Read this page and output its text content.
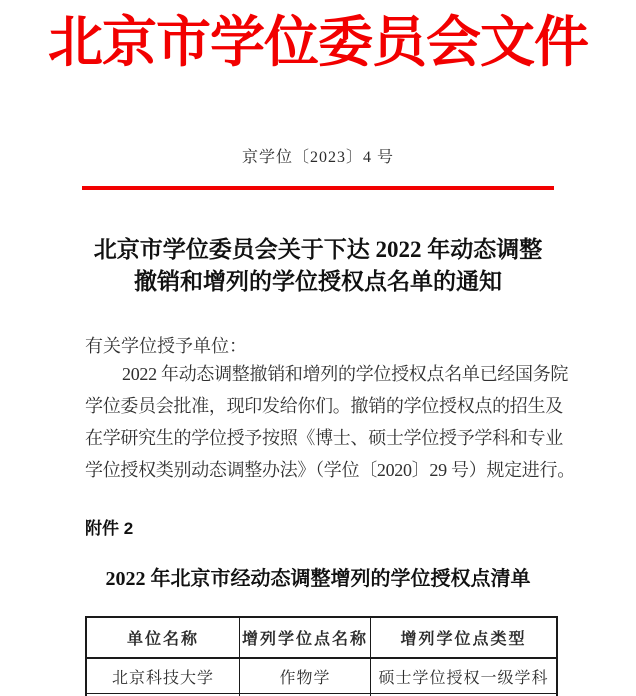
北京市学位委员会文件
京学位〔2023〕4 号
北京市学位委员会关于下达 2022 年动态调整
撤销和增列的学位授权点名单的通知
有关学位授予单位：
2022 年动态调整撤销和增列的学位授权点名单已经国务院
学位委员会批准，现印发给你们。撤销的学位授权点的招生及
在学研究生的学位授予按照《博士、硕士学位授予学科和专业
学位授权类别动态调整办法》（学位〔2020〕29 号）规定进行。
附件 2
2022 年北京市经动态调整增列的学位授权点清单
单位名称	增列学位点名称	增列学位点类型
北京科技大学	作物学	硕士学位授权一级学科
